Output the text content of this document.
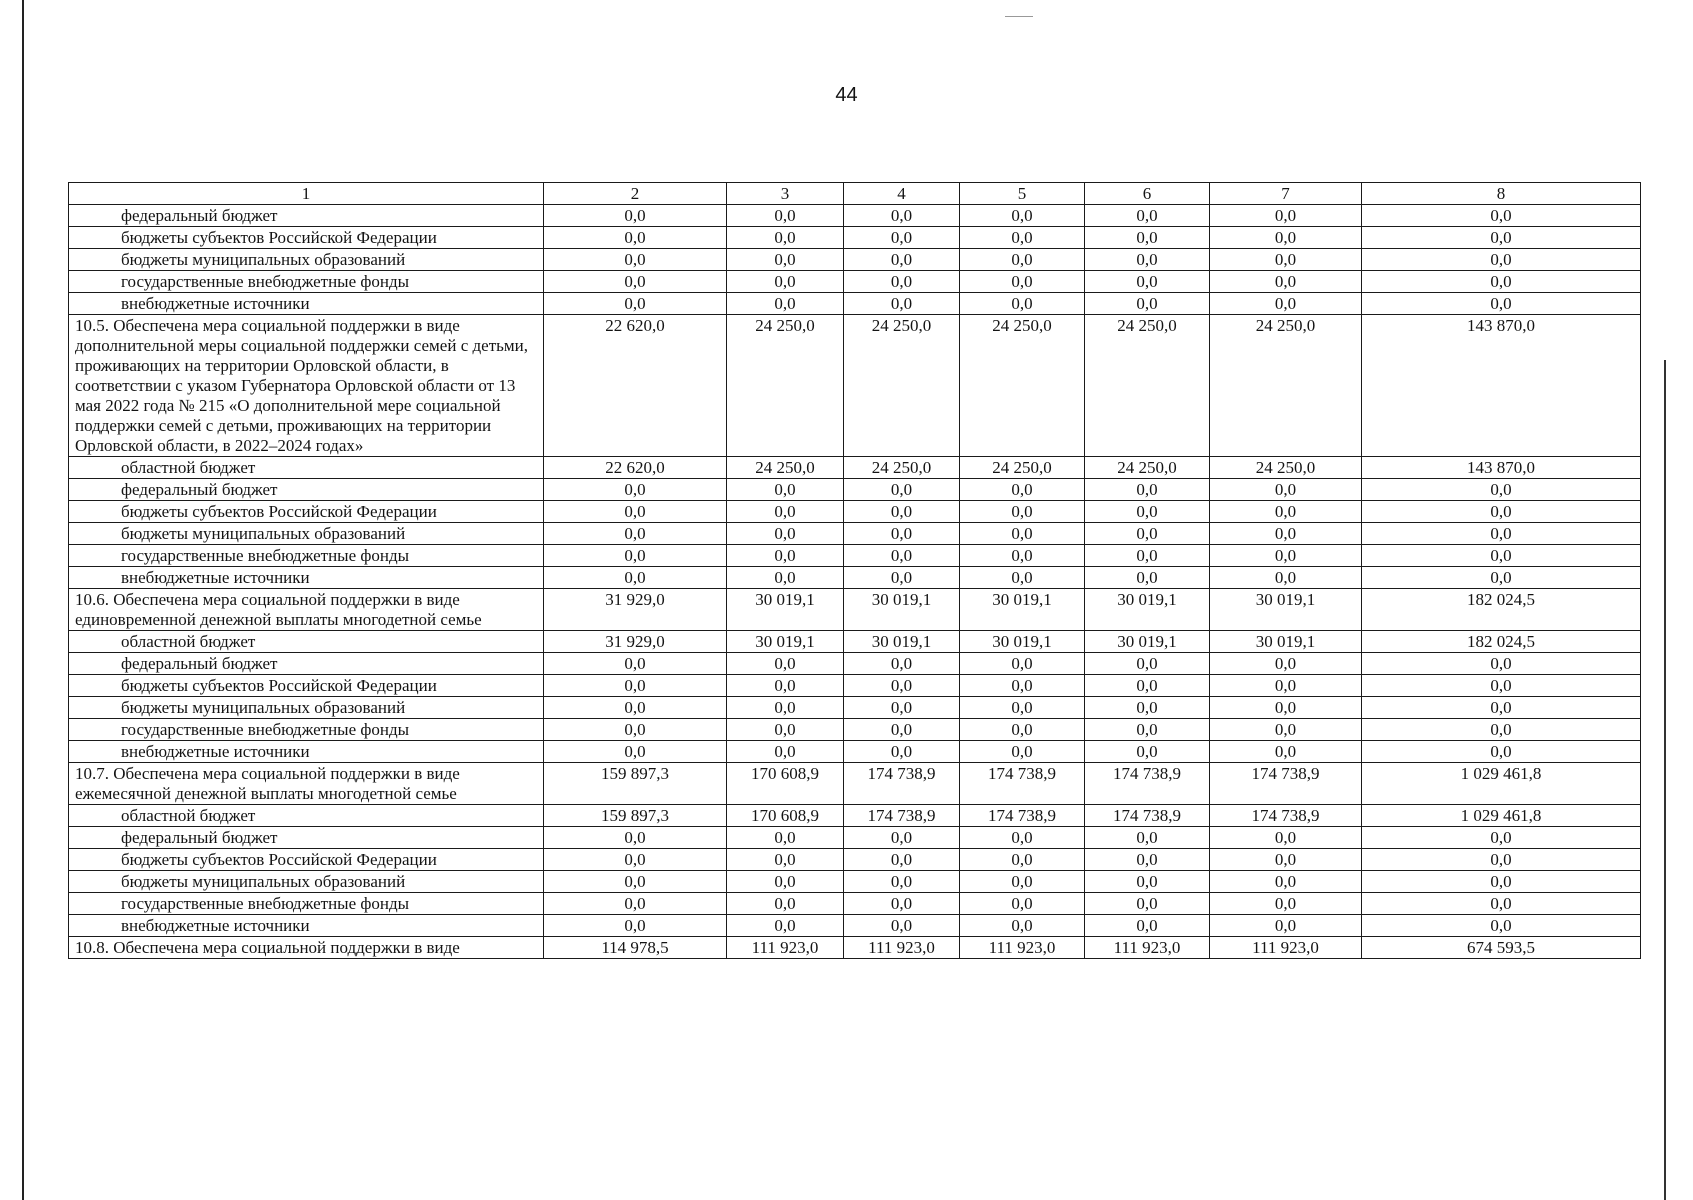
44
1	2	3	4	5	6	7	8
федеральный бюджет	0,0	0,0	0,0	0,0	0,0	0,0	0,0
бюджеты субъектов Российской Федерации	0,0	0,0	0,0	0,0	0,0	0,0	0,0
бюджеты муниципальных образований	0,0	0,0	0,0	0,0	0,0	0,0	0,0
государственные внебюджетные фонды	0,0	0,0	0,0	0,0	0,0	0,0	0,0
внебюджетные источники	0,0	0,0	0,0	0,0	0,0	0,0	0,0
10.5. Обеспечена мера социальной поддержки в виде дополнительной меры социальной поддержки семей с детьми, проживающих на территории Орловской области, в соответствии с указом Губернатора Орловской области от 13 мая 2022 года № 215 «О дополнительной мере социальной поддержки семей с детьми, проживающих на территории Орловской области, в 2022–2024 годах»	22 620,0	24 250,0	24 250,0	24 250,0	24 250,0	24 250,0	143 870,0
областной бюджет	22 620,0	24 250,0	24 250,0	24 250,0	24 250,0	24 250,0	143 870,0
федеральный бюджет	0,0	0,0	0,0	0,0	0,0	0,0	0,0
бюджеты субъектов Российской Федерации	0,0	0,0	0,0	0,0	0,0	0,0	0,0
бюджеты муниципальных образований	0,0	0,0	0,0	0,0	0,0	0,0	0,0
государственные внебюджетные фонды	0,0	0,0	0,0	0,0	0,0	0,0	0,0
внебюджетные источники	0,0	0,0	0,0	0,0	0,0	0,0	0,0
10.6. Обеспечена мера социальной поддержки в виде единовременной денежной выплаты многодетной семье	31 929,0	30 019,1	30 019,1	30 019,1	30 019,1	30 019,1	182 024,5
областной бюджет	31 929,0	30 019,1	30 019,1	30 019,1	30 019,1	30 019,1	182 024,5
федеральный бюджет	0,0	0,0	0,0	0,0	0,0	0,0	0,0
бюджеты субъектов Российской Федерации	0,0	0,0	0,0	0,0	0,0	0,0	0,0
бюджеты муниципальных образований	0,0	0,0	0,0	0,0	0,0	0,0	0,0
государственные внебюджетные фонды	0,0	0,0	0,0	0,0	0,0	0,0	0,0
внебюджетные источники	0,0	0,0	0,0	0,0	0,0	0,0	0,0
10.7. Обеспечена мера социальной поддержки в виде ежемесячной денежной выплаты многодетной семье	159 897,3	170 608,9	174 738,9	174 738,9	174 738,9	174 738,9	1 029 461,8
областной бюджет	159 897,3	170 608,9	174 738,9	174 738,9	174 738,9	174 738,9	1 029 461,8
федеральный бюджет	0,0	0,0	0,0	0,0	0,0	0,0	0,0
бюджеты субъектов Российской Федерации	0,0	0,0	0,0	0,0	0,0	0,0	0,0
бюджеты муниципальных образований	0,0	0,0	0,0	0,0	0,0	0,0	0,0
государственные внебюджетные фонды	0,0	0,0	0,0	0,0	0,0	0,0	0,0
внебюджетные источники	0,0	0,0	0,0	0,0	0,0	0,0	0,0
10.8. Обеспечена мера социальной поддержки в виде	114 978,5	111 923,0	111 923,0	111 923,0	111 923,0	111 923,0	674 593,5
